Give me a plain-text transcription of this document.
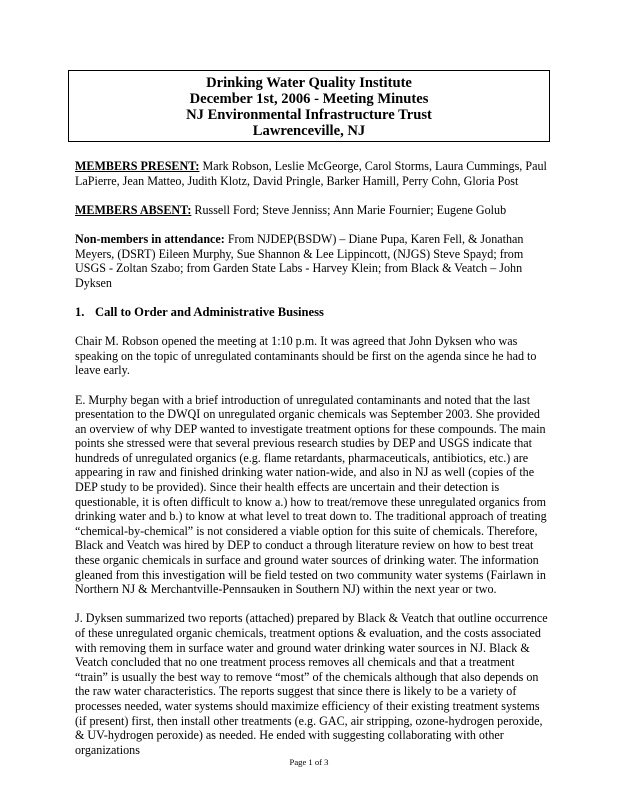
Drinking Water Quality Institute
December 1st, 2006 - Meeting Minutes
NJ Environmental Infrastructure Trust
Lawrenceville, NJ

MEMBERS PRESENT: Mark Robson, Leslie McGeorge, Carol Storms, Laura Cummings, Paul LaPierre, Jean Matteo, Judith Klotz, David Pringle, Barker Hamill, Perry Cohn, Gloria Post

MEMBERS ABSENT: Russell Ford; Steve Jenniss; Ann Marie Fournier; Eugene Golub

Non-members in attendance: From NJDEP(BSDW) – Diane Pupa, Karen Fell, & Jonathan Meyers, (DSRT) Eileen Murphy, Sue Shannon & Lee Lippincott, (NJGS) Steve Spayd; from USGS - Zoltan Szabo; from Garden State Labs - Harvey Klein; from Black & Veatch – John Dyksen

1. Call to Order and Administrative Business

Chair M. Robson opened the meeting at 1:10 p.m. It was agreed that John Dyksen who was speaking on the topic of unregulated contaminants should be first on the agenda since he had to leave early.

E. Murphy began with a brief introduction of unregulated contaminants and noted that the last presentation to the DWQI on unregulated organic chemicals was September 2003. She provided an overview of why DEP wanted to investigate treatment options for these compounds. The main points she stressed were that several previous research studies by DEP and USGS indicate that hundreds of unregulated organics (e.g. flame retardants, pharmaceuticals, antibiotics, etc.) are appearing in raw and finished drinking water nation-wide, and also in NJ as well (copies of the DEP study to be provided). Since their health effects are uncertain and their detection is questionable, it is often difficult to know a.) how to treat/remove these unregulated organics from drinking water and b.) to know at what level to treat down to. The traditional approach of treating “chemical-by-chemical” is not considered a viable option for this suite of chemicals. Therefore, Black and Veatch was hired by DEP to conduct a through literature review on how to best treat these organic chemicals in surface and ground water sources of drinking water. The information gleaned from this investigation will be field tested on two community water systems (Fairlawn in Northern NJ & Merchantville-Pennsauken in Southern NJ) within the next year or two.

J. Dyksen summarized two reports (attached) prepared by Black & Veatch that outline occurrence of these unregulated organic chemicals, treatment options & evaluation, and the costs associated with removing them in surface water and ground water drinking water sources in NJ. Black & Veatch concluded that no one treatment process removes all chemicals and that a treatment “train” is usually the best way to remove “most” of the chemicals although that also depends on the raw water characteristics. The reports suggest that since there is likely to be a variety of processes needed, water systems should maximize efficiency of their existing treatment systems (if present) first, then install other treatments (e.g. GAC, air stripping, ozone-hydrogen peroxide, & UV-hydrogen peroxide) as needed. He ended with suggesting collaborating with other organizations

Page 1 of 3
